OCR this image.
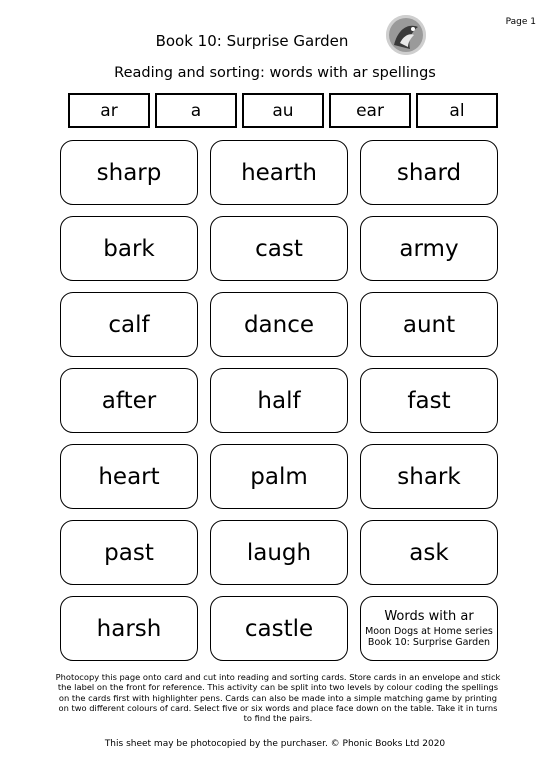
Page 1
Book 10: Surprise Garden
Reading and sorting: words with ar spellings
ar	a	au	ear	al
sharp	hearth	shard
bark	cast	army
calf	dance	aunt
after	half	fast
heart	palm	shark
past	laugh	ask
harsh	castle	Words with ar
Moon Dogs at Home series
Book 10: Surprise Garden
Photocopy this page onto card and cut into reading and sorting cards. Store cards in an envelope and stick the label on the front for reference. This activity can be split into two levels by colour coding the spellings on the cards first with highlighter pens. Cards can also be made into a simple matching game by printing on two different colours of card. Select five or six words and place face down on the table. Take it in turns to find the pairs.
This sheet may be photocopied by the purchaser. © Phonic Books Ltd 2020
